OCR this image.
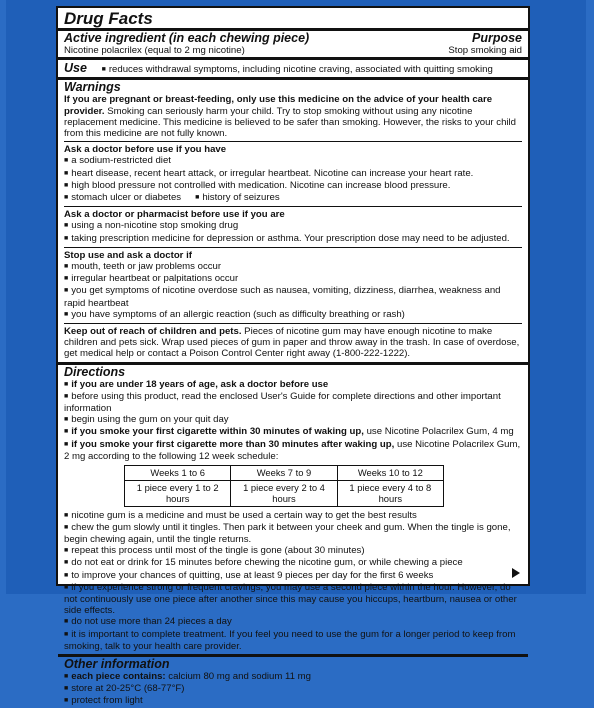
Drug Facts
Active ingredient (in each chewing piece)	Purpose
Nicotine polacrilex (equal to 2 mg nicotine)	Stop smoking aid
Use ■ reduces withdrawal symptoms, including nicotine craving, associated with quitting smoking
Warnings
If you are pregnant or breast-feeding, only use this medicine on the advice of your health care provider. Smoking can seriously harm your child. Try to stop smoking without using any nicotine replacement medicine. This medicine is believed to be safer than smoking. However, the risks to your child from this medicine are not fully known.
Ask a doctor before use if you have
■ a sodium-restricted diet
■ heart disease, recent heart attack, or irregular heartbeat. Nicotine can increase your heart rate.
■ high blood pressure not controlled with medication. Nicotine can increase blood pressure.
■ stomach ulcer or diabetes ■ history of seizures
Ask a doctor or pharmacist before use if you are
■ using a non-nicotine stop smoking drug
■ taking prescription medicine for depression or asthma. Your prescription dose may need to be adjusted.
Stop use and ask a doctor if
■ mouth, teeth or jaw problems occur
■ irregular heartbeat or palpitations occur
■ you get symptoms of nicotine overdose such as nausea, vomiting, dizziness, diarrhea, weakness and rapid heartbeat
■ you have symptoms of an allergic reaction (such as difficulty breathing or rash)
Keep out of reach of children and pets. Pieces of nicotine gum may have enough nicotine to make children and pets sick. Wrap used pieces of gum in paper and throw away in the trash. In case of overdose, get medical help or contact a Poison Control Center right away (1-800-222-1222).
Directions
■ if you are under 18 years of age, ask a doctor before use
■ before using this product, read the enclosed User's Guide for complete directions and other important information
■ begin using the gum on your quit day
■ if you smoke your first cigarette within 30 minutes of waking up, use Nicotine Polacrilex Gum, 4 mg
■ if you smoke your first cigarette more than 30 minutes after waking up, use Nicotine Polacrilex Gum, 2 mg according to the following 12 week schedule:
Weeks 1 to 6	Weeks 7 to 9	Weeks 10 to 12
1 piece every 1 to 2 hours	1 piece every 2 to 4 hours	1 piece every 4 to 8 hours
■ nicotine gum is a medicine and must be used a certain way to get the best results
■ chew the gum slowly until it tingles. Then park it between your cheek and gum. When the tingle is gone, begin chewing again, until the tingle returns.
■ repeat this process until most of the tingle is gone (about 30 minutes)
■ do not eat or drink for 15 minutes before chewing the nicotine gum, or while chewing a piece
■ to improve your chances of quitting, use at least 9 pieces per day for the first 6 weeks
■ if you experience strong or frequent cravings, you may use a second piece within the hour. However, do not continuously use one piece after another since this may cause you hiccups, heartburn, nausea or other side effects.
■ do not use more than 24 pieces a day
■ it is important to complete treatment. If you feel you need to use the gum for a longer period to keep from smoking, talk to your health care provider.
Other information
■ each piece contains: calcium 80 mg and sodium 11 mg
■ store at 20-25°C (68-77°F)
■ protect from light
